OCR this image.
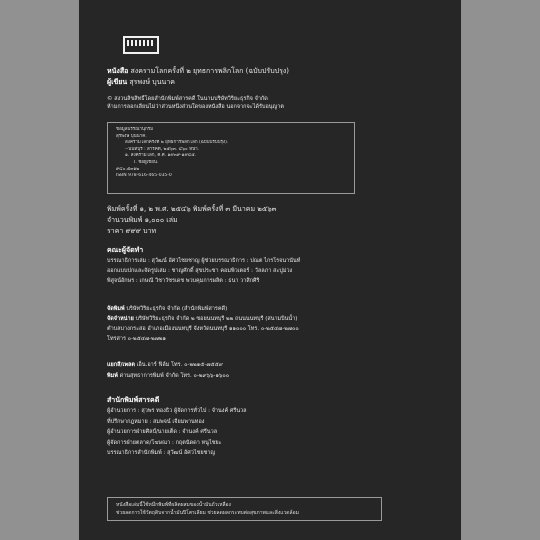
หนังสือ สงครามโลกครั้งที่ ๒ ยุทธการพลิกโลก (ฉบับปรับปรุง)
ผู้เขียน สุรพงษ์ บุนนาค
© สงวนลิขสิทธิ์โดยสำนักพิมพ์สารคดี ในนามบริษัทวิริยะธุรกิจ จำกัด
ห้ามการลอกเลียนไม่ว่าส่วนหนึ่งส่วนใดของหนังสือ นอกจากจะได้รับอนุญาต
ข้อมูลบรรณานุกรม
สุรพงษ์ บุนนาค.
สงครามโลกครั้งที่ ๒ ยุทธการพลิกโลก (ฉบับปรับปรุง).
--นนทบุรี : สารคดี, ๒๕๖๓. ๔๖๐ หน้า.
๑. สงครามโลก, ค.ศ. ๑๙๓๙-๑๙๔๕.
I. ชื่อผู้เขียน.
๙๔๐.๕๓๑๒
ISBN 978-616-465-035-0
พิมพ์ครั้งที่ ๑, ๒ พ.ศ. ๒๕๔๖ พิมพ์ครั้งที่ ๓ มีนาคม ๒๕๖๓
จำนวนพิมพ์ ๑,๐๐๐ เล่ม
ราคา ๙๙๙ บาท
คณะผู้จัดทำ
บรรณาธิการเล่ม : สุวัฒน์ อัศวไชยชาญ ผู้ช่วยบรรณาธิการ : ปณต ไกรโรจนานันท์
ออกแบบปกและจัดรูปเล่ม : ชาญศักดิ์ สุขประชา คอมพิวเตอร์ : วัลลภา สะบู่ม่วง
พิสูจน์อักษร : เกษณี วิชาวัชรเดช พวบคุมการผลิต : ธนา วาสิกศิริ
จัดพิมพ์ บริษัทวิริยะธุรกิจ จำกัด (สำนักพิมพ์สารคดี)
จัดจำหน่าย บริษัทวิริยะธุรกิจ จำกัด ๒ ซอยนนทบุรี ๒๒ ถนนนนทบุรี (สนามบินน้ำ)
ตำบลบางกระสอ อำเภอเมืองนนทบุรี จังหวัดนนทบุรี ๑๑๐๐๐ โทร. ๐-๒๕๔๗-๒๗๐๐
โทรสาร ๐-๒๕๔๗-๒๗๒๑
แยกสี/เพลต เอ็น.อาร์ ฟิล์ม โทร. ๐-๒๒๑๕-๗๕๕๙
พิมพ์ ด่านสุทธาการพิมพ์ จำกัด โทร. ๐-๒๙๖๖-๑๖๐๐
สำนักพิมพ์สารคดี
ผู้อำนวยการ : สุวพร ทองธิว ผู้จัดการทั่วไป : จำนงค์ ศรีนวล
ที่ปรึกษากฎหมาย : สมพจน์ เจียมพานทอง
ผู้อำนวยการฝ่ายศิลป์/นายเต็ด : จำนงค์ ศรีนวล
ผู้จัดการฝ่ายตลาด/โฆษณา : กฤตนัดดา หนูไชยะ
บรรณาธิการสำนักพิมพ์ : สุวัฒน์ อัศวไชยชาญ
หนังสือเล่มนี้ใช้หมึกพิมพ์ที่ผลิตผสมของน้ำมันถั่วเหลือง
ช่วยลดการใช้วัตถุดิบจากน้ำมันปิโตรเลียม ช่วยลดผลกระทบต่อสุขภาพและสิ่งแวดล้อม
